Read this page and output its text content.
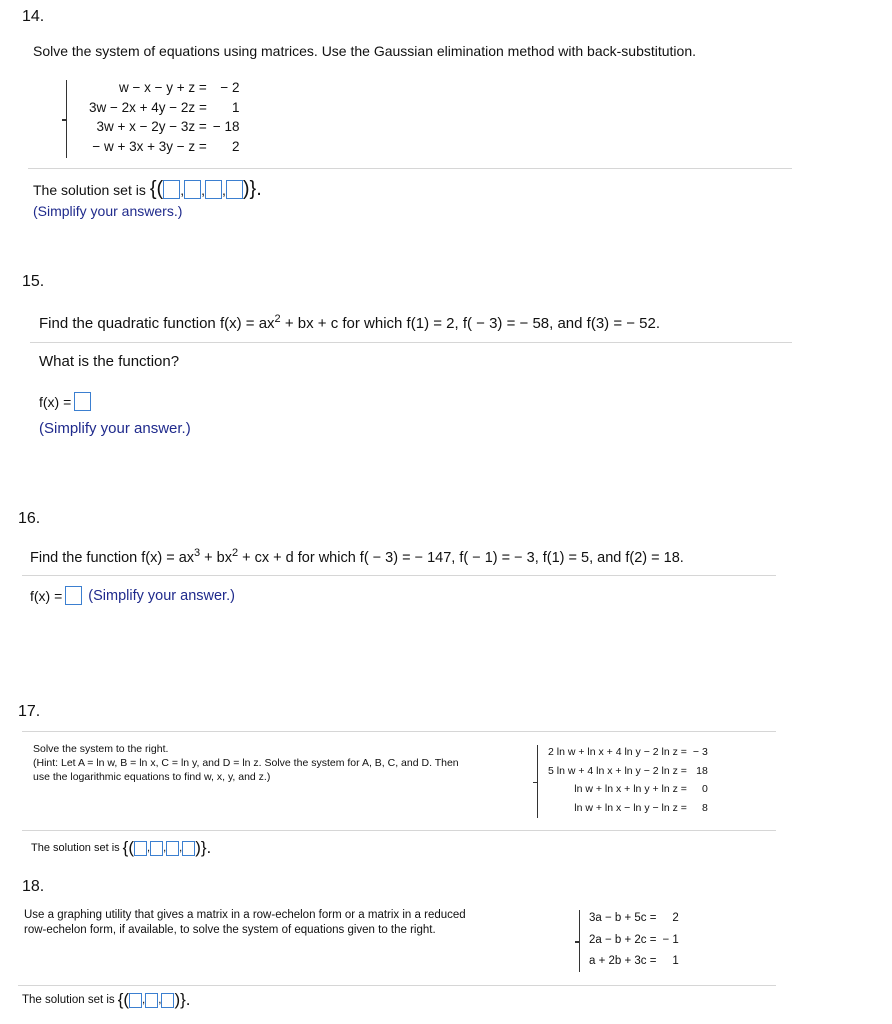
14.
Solve the system of equations using matrices. Use the Gaussian elimination method with back-substitution.
w − x − y + z =	− 2
3w − 2x + 4y − 2z =	1
3w + x − 2y − 3z =	− 18
− w + 3x + 3y − z =	2
The solution set is {( , , , )}.
(Simplify your answers.)
15.
Find the quadratic function $f(x) = ax^2$ + bx + c for which f(1) = 2, f( − 3) = − 58, and f(3) = − 52.
What is the function?
f(x) =
(Simplify your answer.)
16.
Find the function $f(x) = ax^3 + bx^2$ + cx + d for which f( − 3) = − 147, f( − 1) = − 3, f(1) = 5, and f(2) = 18.
f(x) = (Simplify your answer.)
17.
Solve the system to the right.
(Hint: Let A = ln w, B = ln x, C = ln y, and D = ln z. Solve the system for A, B, C, and D. Then
use the logarithmic equations to find w, x, y, and z.)
2 ln w + ln x + 4 ln y − 2 ln z =	− 3
5 ln w + 4 ln x + ln y − 2 ln z =	18
ln w + ln x + ln y + ln z =	0
ln w + ln x − ln y − ln z =	8
The solution set is {( , , , )}.
18.
Use a graphing utility that gives a matrix in a row-echelon form or a matrix in a reduced
row-echelon form, if available, to solve the system of equations given to the right.
3a − b + 5c =	2
2a − b + 2c =	− 1
a + 2b + 3c =	1
The solution set is {( , , )}.
